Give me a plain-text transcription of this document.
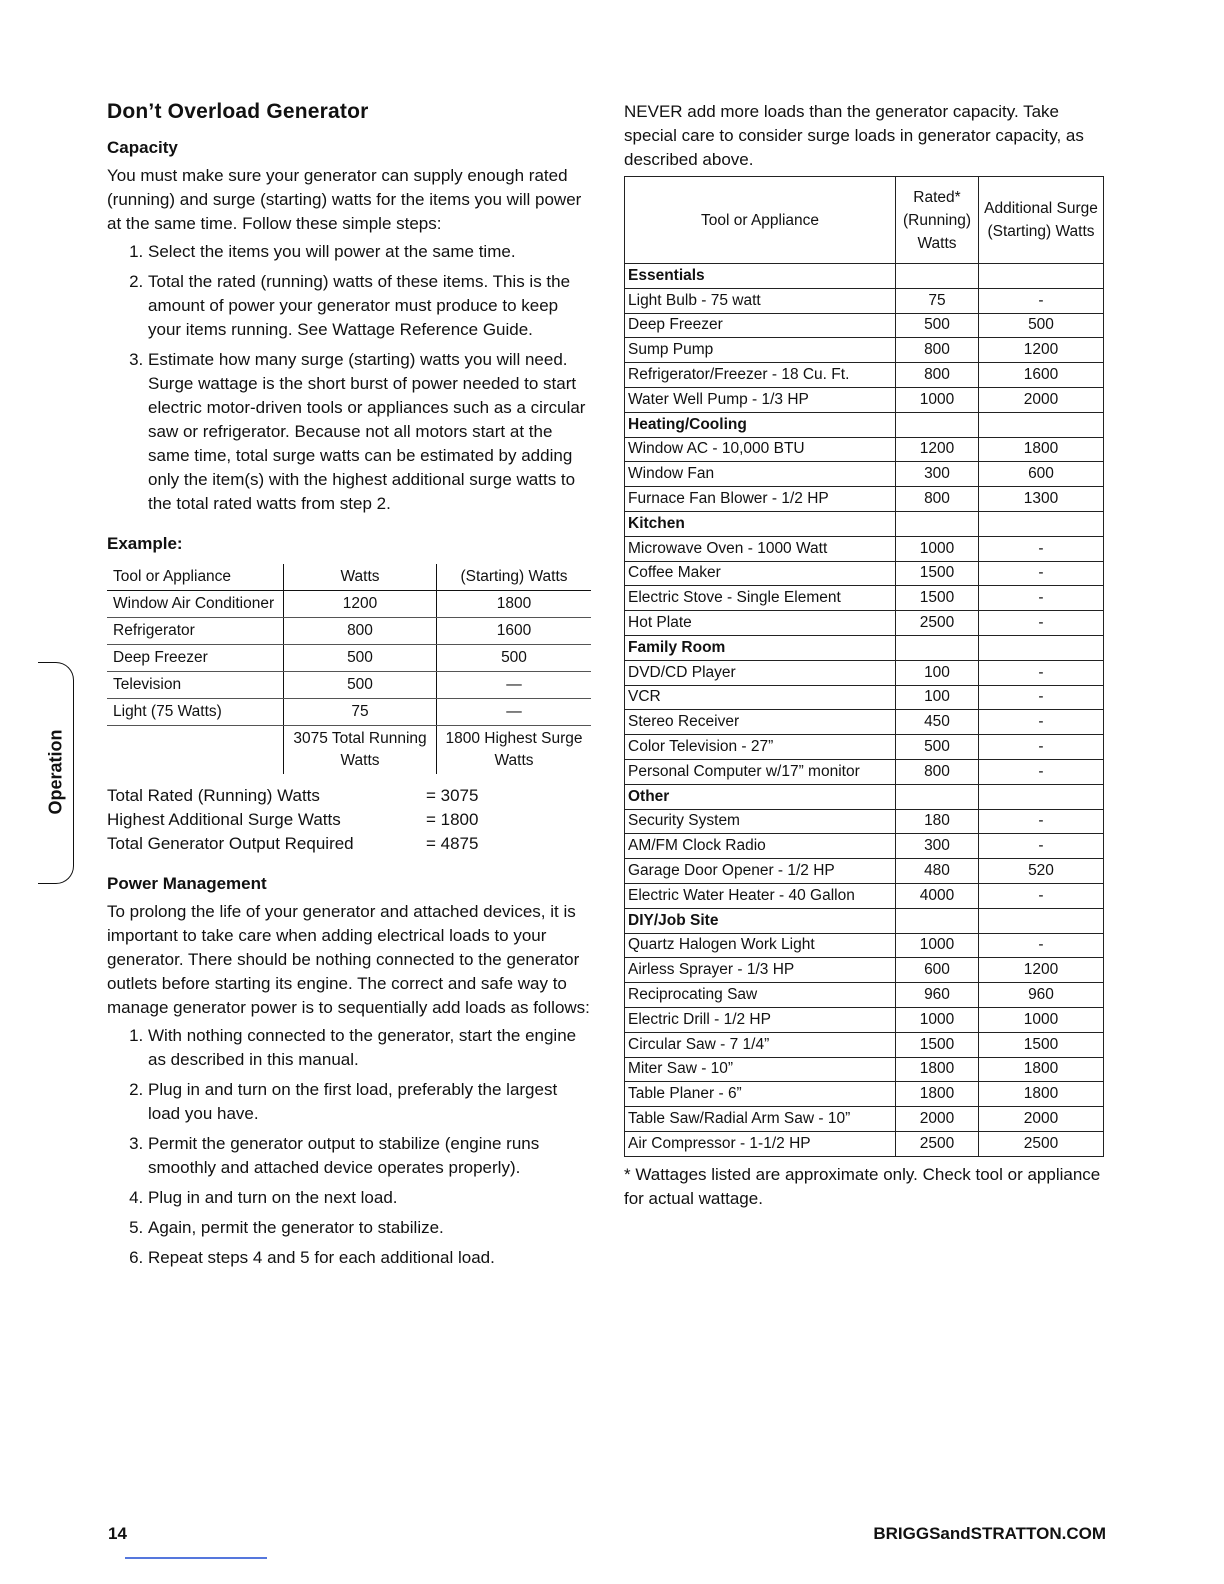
Don’t Overload Generator
Capacity

You must make sure your generator can supply enough rated (running) and surge (starting) watts for the items you will power at the same time. Follow these simple steps:

1. Select the items you will power at the same time.
2. Total the rated (running) watts of these items. This is the amount of power your generator must produce to keep your items running. See Wattage Reference Guide.
3. Estimate how many surge (starting) watts you will need. Surge wattage is the short burst of power needed to start electric motor-driven tools or appliances such as a circular saw or refrigerator. Because not all motors start at the same time, total surge watts can be estimated by adding only the item(s) with the highest additional surge watts to the total rated watts from step 2.
Example:
Tool or Appliance	Watts	(Starting) Watts
Window Air Conditioner	1200	1800
Refrigerator	800	1600
Deep Freezer	500	500
Television	500	—
Light (75 Watts)	75	—
	3075 Total Running Watts	1800 Highest Surge Watts
Total Rated (Running) Watts	= 3075
Highest Additional Surge Watts	= 1800
Total Generator Output Required	= 4875
Power Management

To prolong the life of your generator and attached devices, it is important to take care when adding electrical loads to your generator. There should be nothing connected to the generator outlets before starting its engine. The correct and safe way to manage generator power is to sequentially add loads as follows:

1. With nothing connected to the generator, start the engine as described in this manual.
2. Plug in and turn on the first load, preferably the largest load you have.
3. Permit the generator output to stabilize (engine runs smoothly and attached device operates properly).
4. Plug in and turn on the next load.
5. Again, permit the generator to stabilize.
6. Repeat steps 4 and 5 for each additional load.

NEVER add more loads than the generator capacity. Take special care to consider surge loads in generator capacity, as described above.

Tool or Appliance	Rated* (Running) Watts	Additional Surge (Starting) Watts
Essentials		
Light Bulb - 75 watt	75	-
Deep Freezer	500	500
Sump Pump	800	1200
Refrigerator/Freezer - 18 Cu. Ft.	800	1600
Water Well Pump - 1/3 HP	1000	2000
Heating/Cooling		
Window AC - 10,000 BTU	1200	1800
Window Fan	300	600
Furnace Fan Blower - 1/2 HP	800	1300
Kitchen		
Microwave Oven - 1000 Watt	1000	-
Coffee Maker	1500	-
Electric Stove - Single Element	1500	-
Hot Plate	2500	-
Family Room		
DVD/CD Player	100	-
VCR	100	-
Stereo Receiver	450	-
Color Television - 27”	500	-
Personal Computer w/17” monitor	800	-
Other		
Security System	180	-
AM/FM Clock Radio	300	-
Garage Door Opener - 1/2 HP	480	520
Electric Water Heater - 40 Gallon	4000	-
DIY/Job Site		
Quartz Halogen Work Light	1000	-
Airless Sprayer - 1/3 HP	600	1200
Reciprocating Saw	960	960
Electric Drill - 1/2 HP	1000	1000
Circular Saw - 7 1/4”	1500	1500
Miter Saw - 10”	1800	1800
Table Planer - 6”	1800	1800
Table Saw/Radial Arm Saw - 10”	2000	2000
Air Compressor - 1-1/2 HP	2500	2500
* Wattages listed are approximate only. Check tool or appliance for actual wattage.
Operation
14	BRIGGSandSTRATTON.COM
